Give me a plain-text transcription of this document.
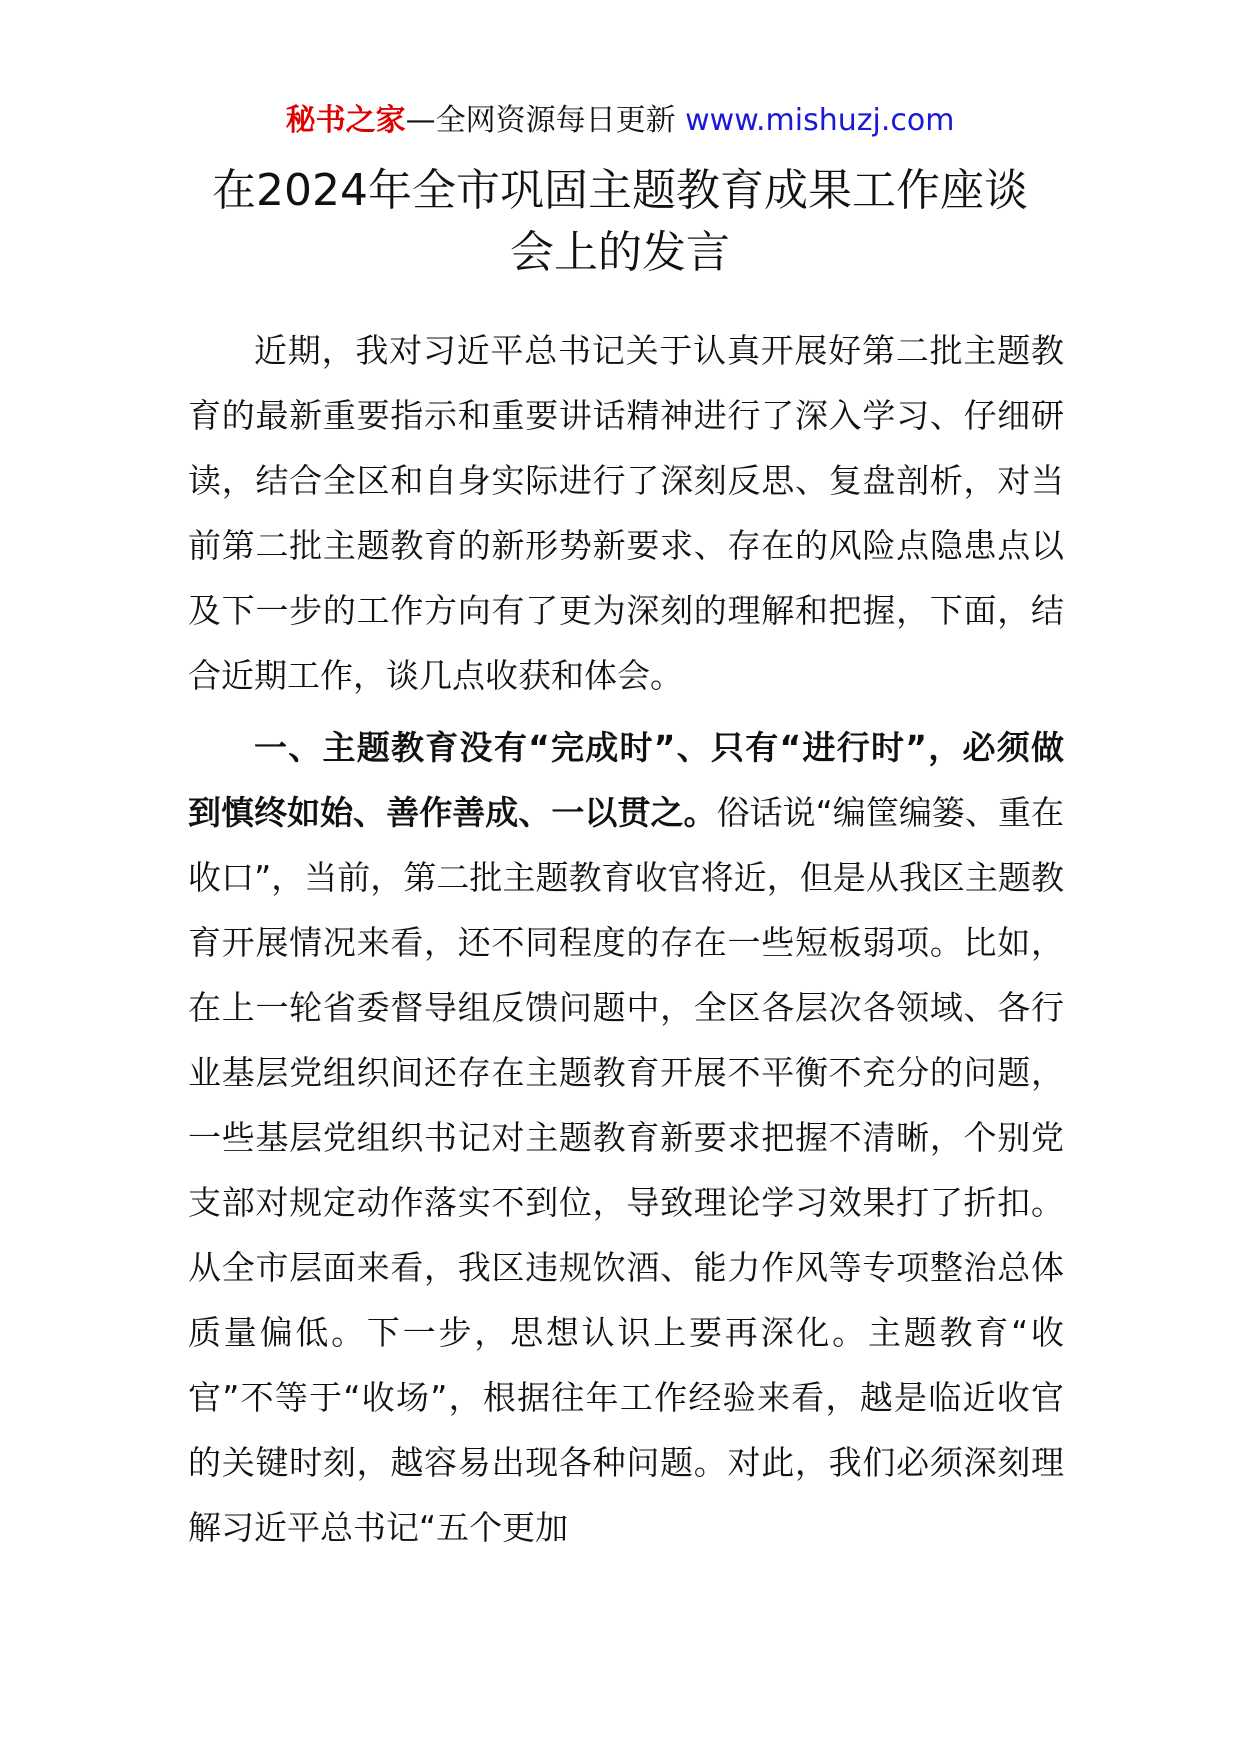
秘书之家—全网资源每日更新 www.mishuzj.com
在2024年全市巩固主题教育成果工作座谈
会上的发言

近期，我对习近平总书记关于认真开展好第二批主题教育的最新重要指示和重要讲话精神进行了深入学习、仔细研读，结合全区和自身实际进行了深刻反思、复盘剖析，对当前第二批主题教育的新形势新要求、存在的风险点隐患点以及下一步的工作方向有了更为深刻的理解和把握，下面，结合近期工作，谈几点收获和体会。

一、主题教育没有“完成时”、只有“进行时”，必须做到慎终如始、善作善成、一以贯之。俗话说“编筐编篓、重在收口”，当前，第二批主题教育收官将近，但是从我区主题教育开展情况来看，还不同程度的存在一些短板弱项。比如，在上一轮省委督导组反馈问题中，全区各层次各领域、各行业基层党组织间还存在主题教育开展不平衡不充分的问题，一些基层党组织书记对主题教育新要求把握不清晰，个别党支部对规定动作落实不到位，导致理论学习效果打了折扣。从全市层面来看，我区违规饮酒、能力作风等专项整治总体质量偏低。下一步，思想认识上要再深化。主题教育“收官”不等于“收场”，根据往年工作经验来看，越是临近收官的关键时刻，越容易出现各种问题。对此，我们必须深刻理解习近平总书记“五个更加
